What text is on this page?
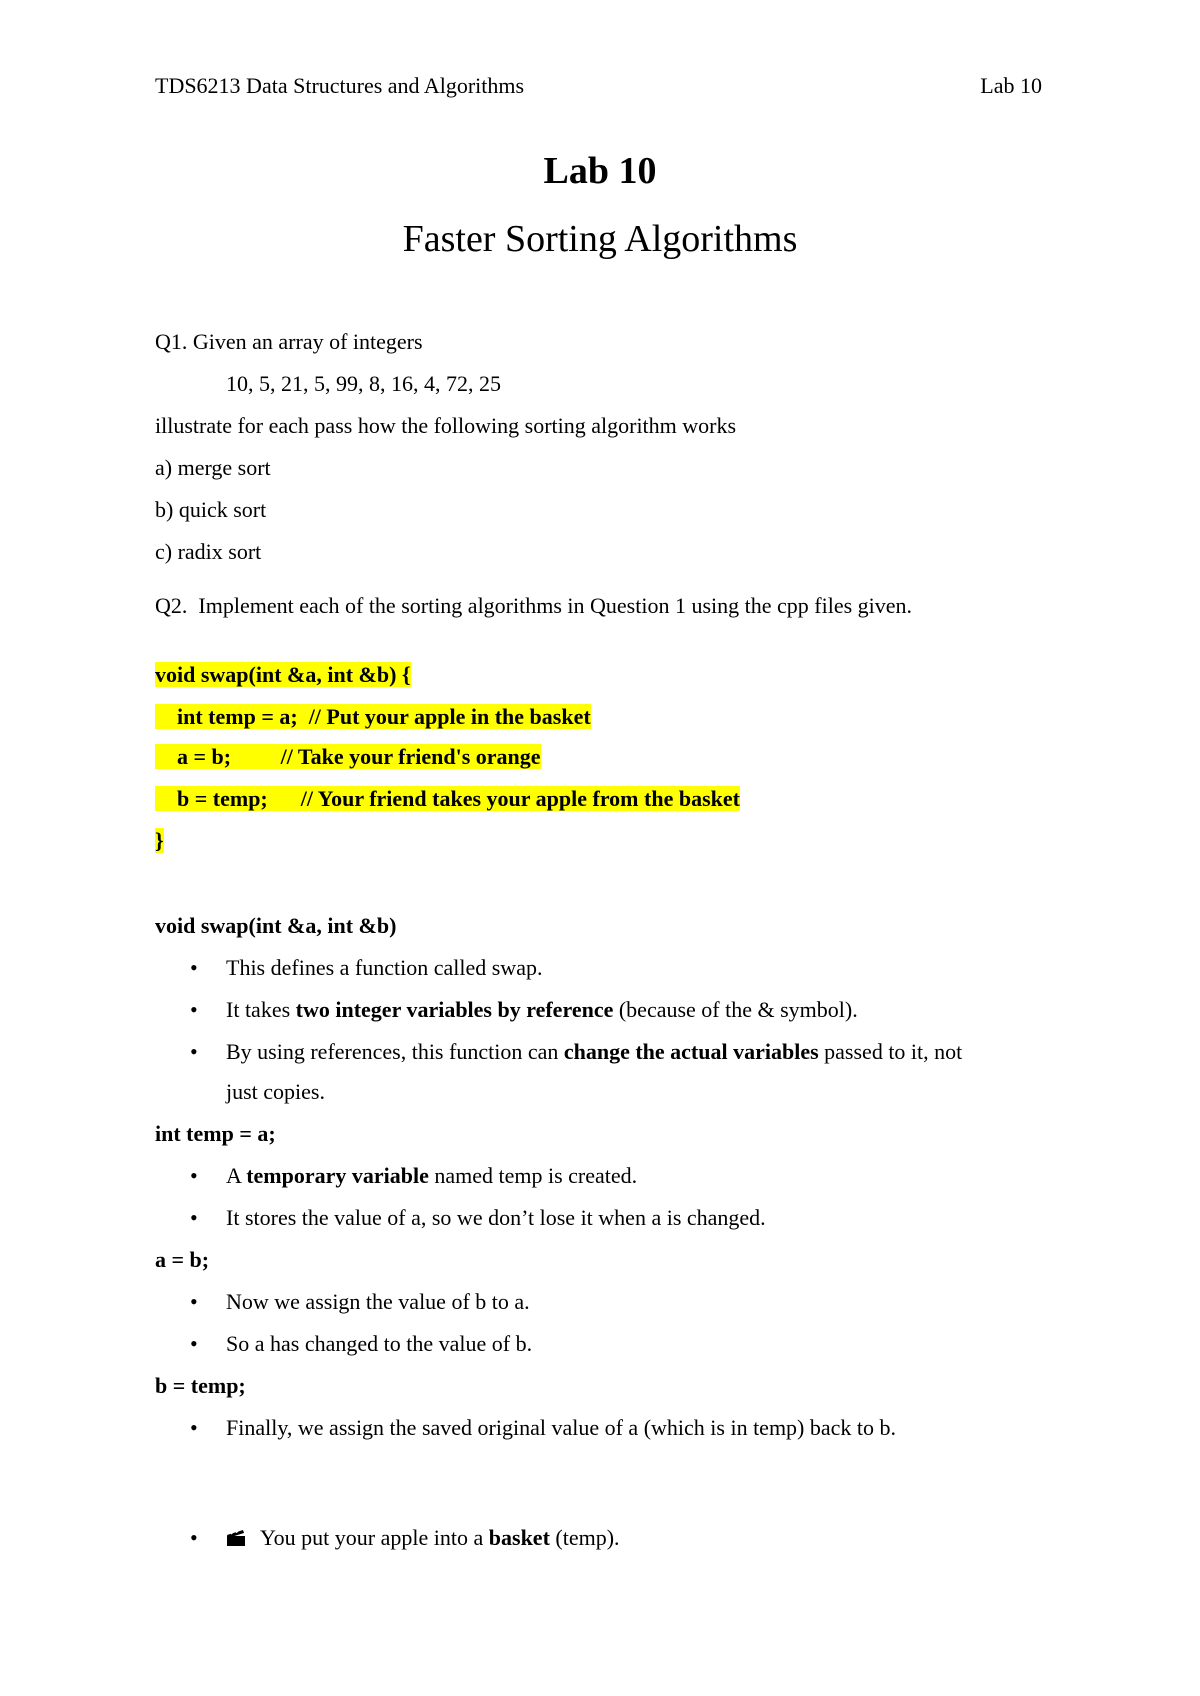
TDS6213 Data Structures and Algorithms	Lab 10
Lab 10
Faster Sorting Algorithms
Q1. Given an array of integers
10, 5, 21, 5, 99, 8, 16, 4, 72, 25
illustrate for each pass how the following sorting algorithm works
a) merge sort
b) quick sort
c) radix sort
Q2.  Implement each of the sorting algorithms in Question 1 using the cpp files given.
void swap(int &a, int &b) {
int temp = a;  // Put your apple in the basket
a = b;         // Take your friend's orange
b = temp;      // Your friend takes your apple from the basket
}
void swap(int &a, int &b)
•	This defines a function called swap.
•	It takes two integer variables by reference (because of the & symbol).
•	By using references, this function can change the actual variables passed to it, not
just copies.
int temp = a;
•	A temporary variable named temp is created.
•	It stores the value of a, so we don’t lose it when a is changed.
a = b;
•	Now we assign the value of b to a.
•	So a has changed to the value of b.
b = temp;
•	Finally, we assign the saved original value of a (which is in temp) back to b.
•	You put your apple into a basket (temp).
